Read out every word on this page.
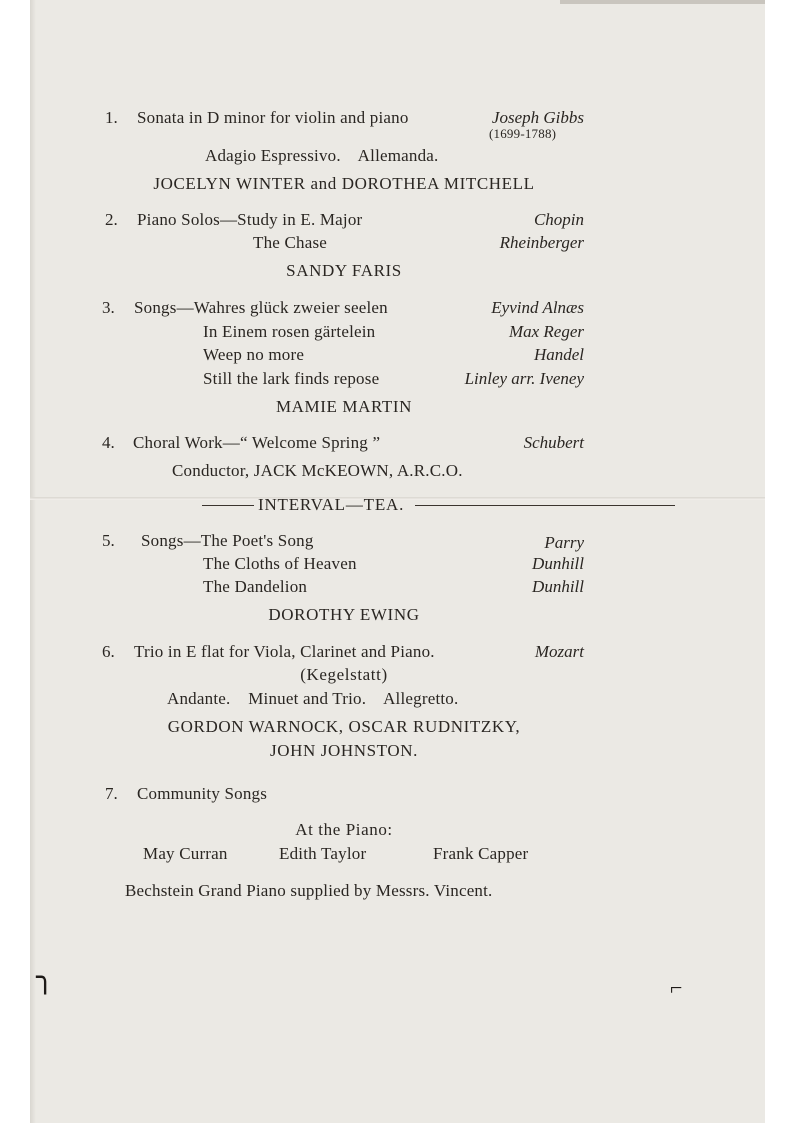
1. Sonata in D minor for violin and piano	Joseph Gibbs
(1699-1788)
Adagio Espressivo.    Allemanda.
JOCELYN WINTER and DOROTHEA MITCHELL
2. Piano Solos—Study in E. Major	Chopin
The Chase	Rheinberger
SANDY FARIS
3. Songs—Wahres glück zweier seelen	Eyvind Alnæs
In Einem rosen gärtelein	Max Reger
Weep no more	Handel
Still the lark finds repose	Linley arr. Iveney
MAMIE MARTIN
4. Choral Work—“ Welcome Spring ”	Schubert
Conductor, JACK McKEOWN, A.R.C.O.
INTERVAL—TEA.
5. Songs—The Poet's Song	Parry
The Cloths of Heaven	Dunhill
The Dandelion	Dunhill
DOROTHY EWING
6. Trio in E flat for Viola, Clarinet and Piano.	Mozart
(Kegelstatt)
Andante.    Minuet and Trio.    Allegretto.
GORDON WARNOCK, OSCAR RUDNITZKY,
JOHN JOHNSTON.
7. Community Songs
At the Piano:
May Curran	Edith Taylor	Frank Capper
Bechstein Grand Piano supplied by Messrs. Vincent.
╮	⌐
